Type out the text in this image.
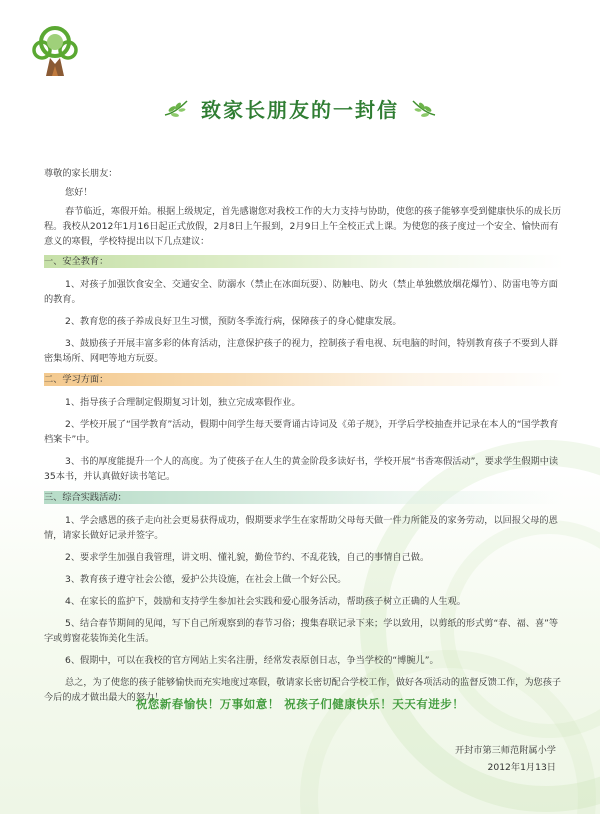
致家长朋友的一封信

尊敬的家长朋友：

您好！

春节临近，寒假开始。根据上级规定，首先感谢您对我校工作的大力支持与协助，使您的孩子能够享受到健康快乐的成长历程。我校从2012年1月16日起正式放假，2月8日上午报到，2月9日上午全校正式上课。为使您的孩子度过一个安全、愉快而有意义的寒假，学校特提出以下几点建议：

一、安全教育：

1、对孩子加强饮食安全、交通安全、防溺水（禁止在冰面玩耍）、防触电、防火（禁止单独燃放烟花爆竹）、防雷电等方面的教育。

2、教育您的孩子养成良好卫生习惯，预防冬季流行病，保障孩子的身心健康发展。

3、鼓励孩子开展丰富多彩的体育活动，注意保护孩子的视力，控制孩子看电视、玩电脑的时间，特别教育孩子不要到人群密集场所、网吧等地方玩耍。

二、学习方面：

1、指导孩子合理制定假期复习计划，独立完成寒假作业。

2、学校开展了“国学教育”活动，假期中间学生每天要背诵古诗词及《弟子规》，开学后学校抽查并记录在本人的“国学教育档案卡”中。

3、书的厚度能提升一个人的高度。为了使孩子在人生的黄金阶段多读好书，学校开展“书香寒假活动”，要求学生假期中读35本书，并认真做好读书笔记。

三、综合实践活动：

1、学会感恩的孩子走向社会更易获得成功，假期要求学生在家帮助父母每天做一件力所能及的家务劳动，以回报父母的恩情，请家长做好记录并签字。

2、要求学生加强自我管理，讲文明、懂礼貌，勤俭节约、不乱花钱，自己的事情自己做。

3、教育孩子遵守社会公德，爱护公共设施，在社会上做一个好公民。

4、在家长的监护下，鼓励和支持学生参加社会实践和爱心服务活动，帮助孩子树立正确的人生观。

5、结合春节期间的见闻，写下自己所观察到的春节习俗；搜集春联记录下来；学以致用，以剪纸的形式剪“春、福、喜”等字或剪窗花装饰美化生活。

6、假期中，可以在我校的官方网站上实名注册，经常发表原创日志，争当学校的“博腕儿”。

总之，为了使您的孩子能够愉快而充实地度过寒假，敬请家长密切配合学校工作，做好各项活动的监督反馈工作，为您孩子今后的成才做出最大的努力！

祝您新春愉快！万事如意！ 祝孩子们健康快乐！天天有进步！
开封市第三师范附属小学
2012年1月13日
